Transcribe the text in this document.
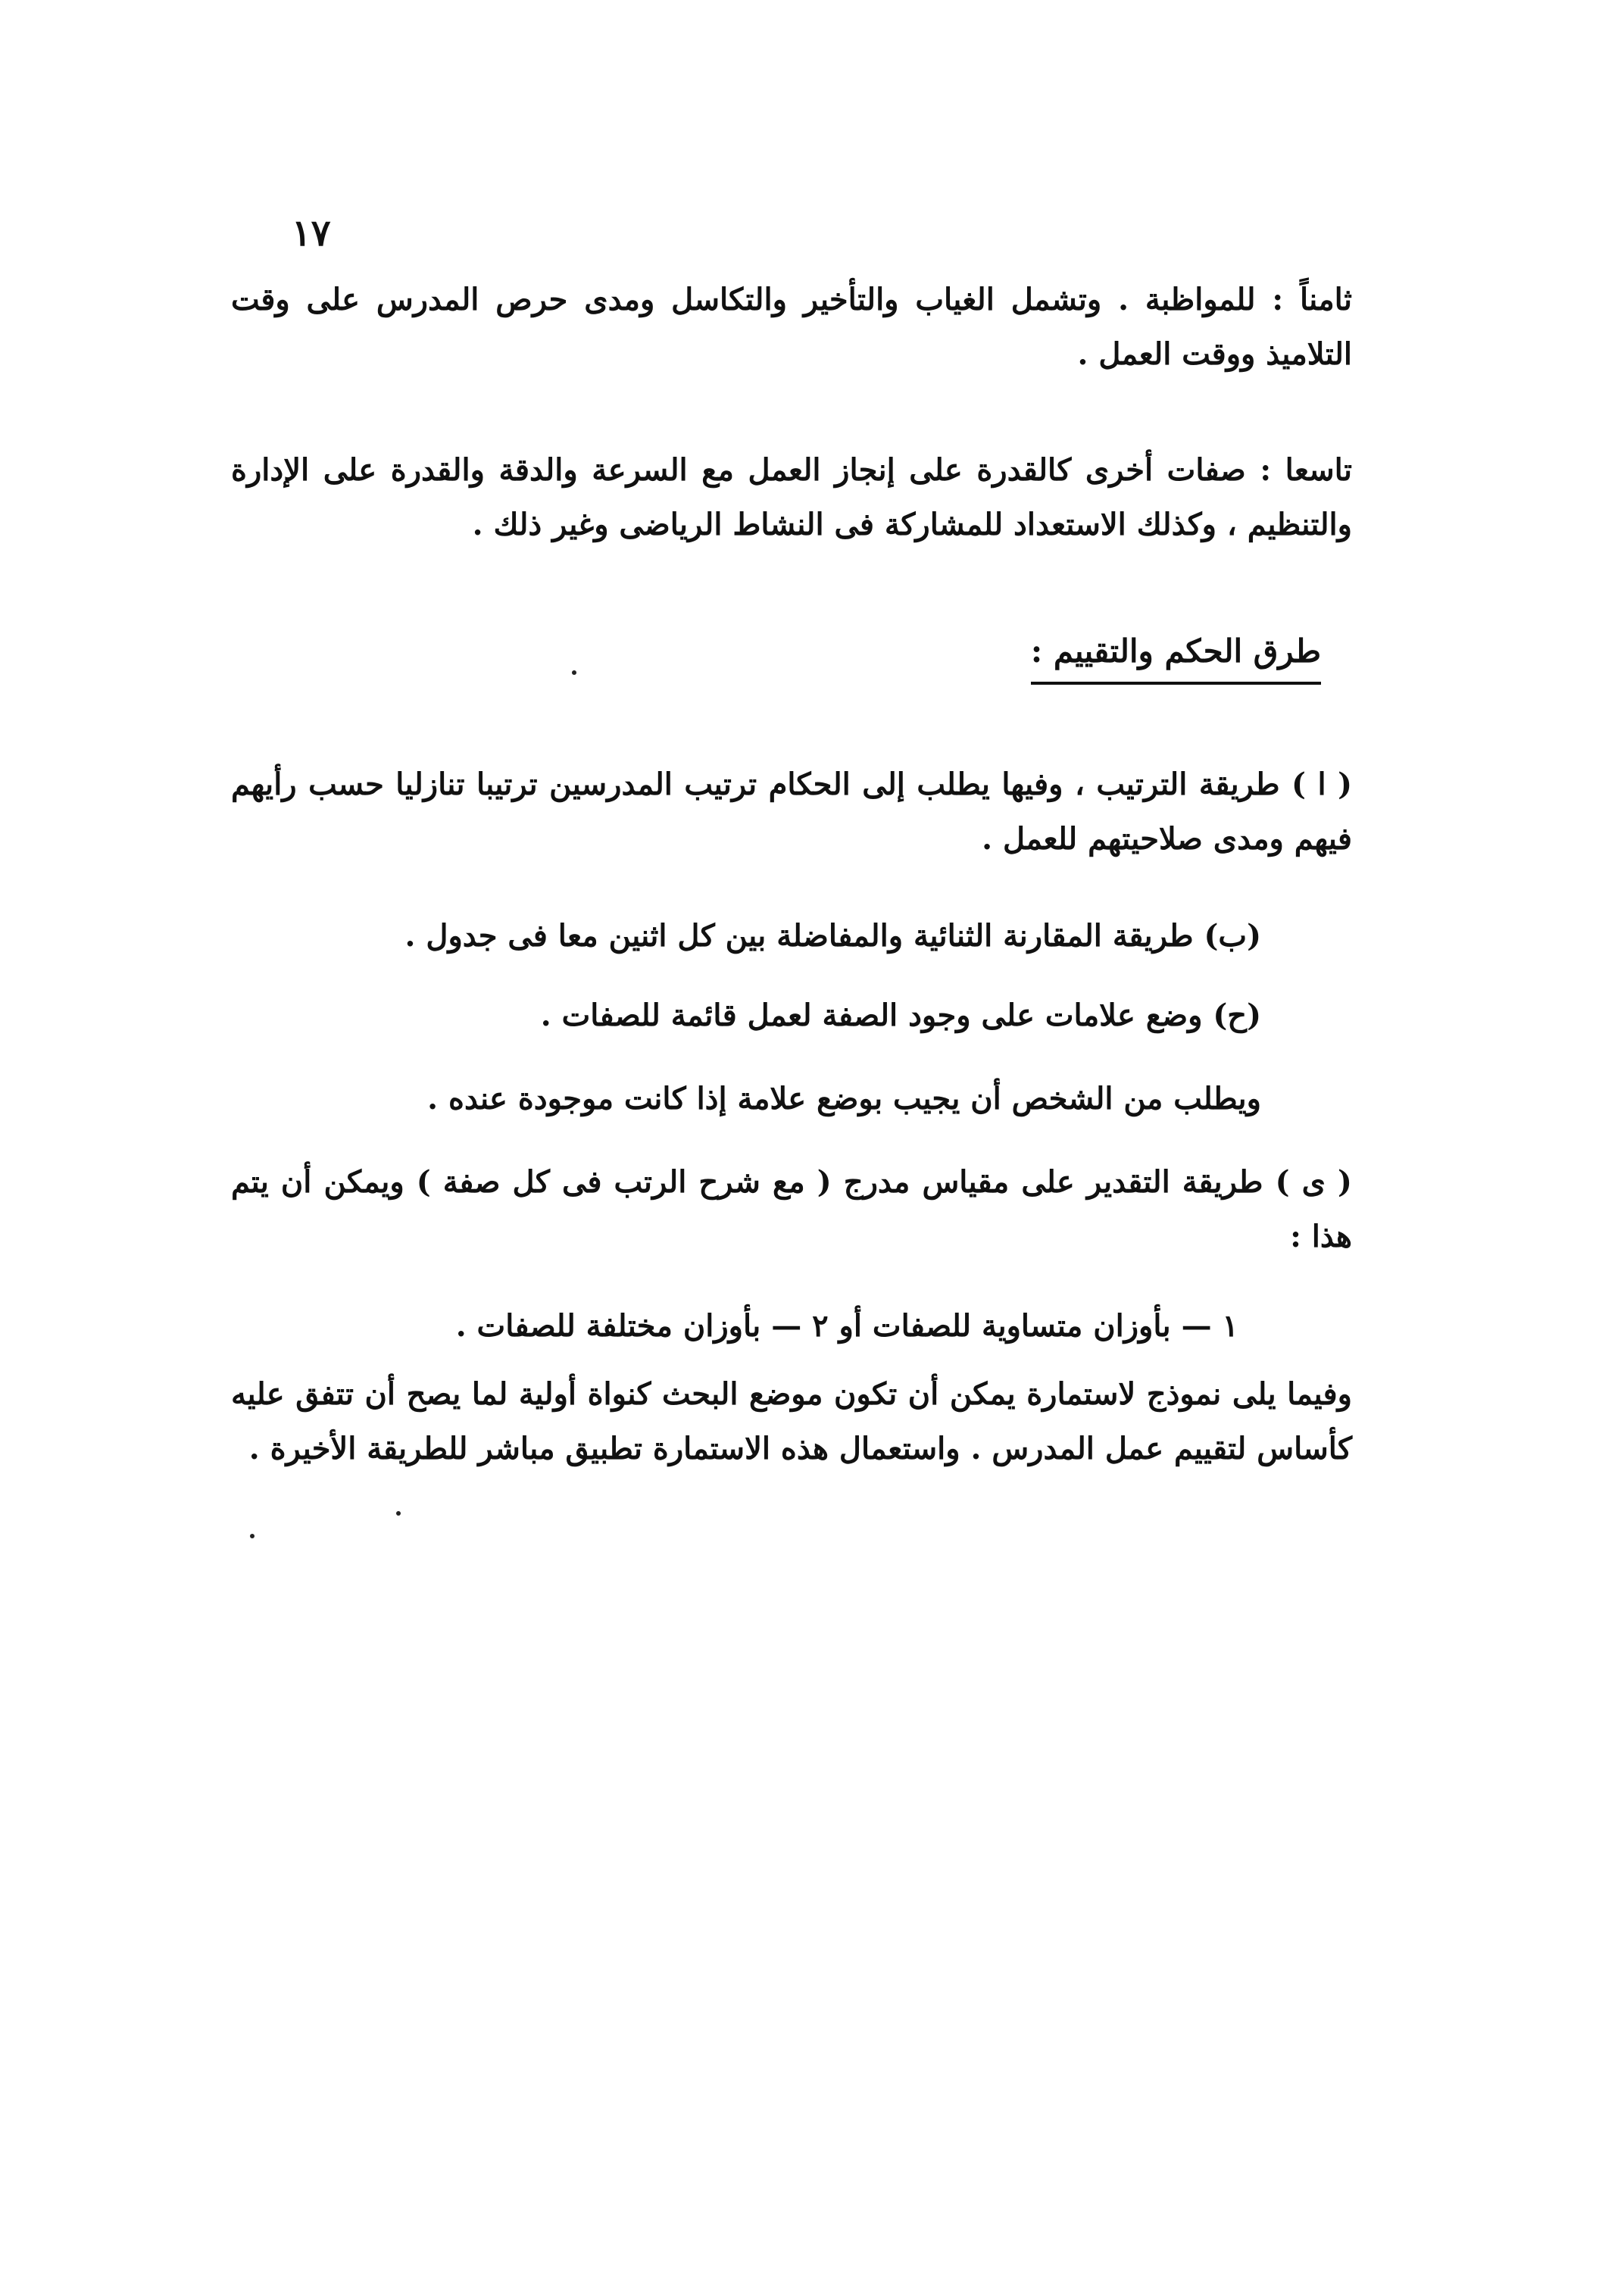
١٧
ثامناً : للمواظبة . وتشمل الغياب والتأخير والتكاسل ومدى حرص المدرس على وقت التلاميذ ووقت العمل .
تاسعا : صفات أخرى كالقدرة على إنجاز العمل مع السرعة والدقة والقدرة على الإدارة والتنظيم ، وكذلك الاستعداد للمشاركة فى النشاط الرياضى وغير ذلك .
طرق الحكم والتقييم :
( ا ) طريقة الترتيب ، وفيها يطلب إلى الحكام ترتيب المدرسين ترتيبا تنازليا حسب رأيهم فيهم ومدى صلاحيتهم للعمل .
(ب) طريقة المقارنة الثنائية والمفاضلة بين كل اثنين معا فى جدول .
(ح) وضع علامات على وجود الصفة لعمل قائمة للصفات .
ويطلب من الشخص أن يجيب بوضع علامة إذا كانت موجودة عنده .
( ى ) طريقة التقدير على مقياس مدرج ( مع شرح الرتب فى كل صفة ) ويمكن أن يتم هذا :
١ — بأوزان متساوية للصفات أو ٢ — بأوزان مختلفة للصفات .
وفيما يلى نموذج لاستمارة يمكن أن تكون موضع البحث كنواة أولية لما يصح أن تتفق عليه كأساس لتقييم عمل المدرس . واستعمال هذه الاستمارة تطبيق مباشر للطريقة الأخيرة .
